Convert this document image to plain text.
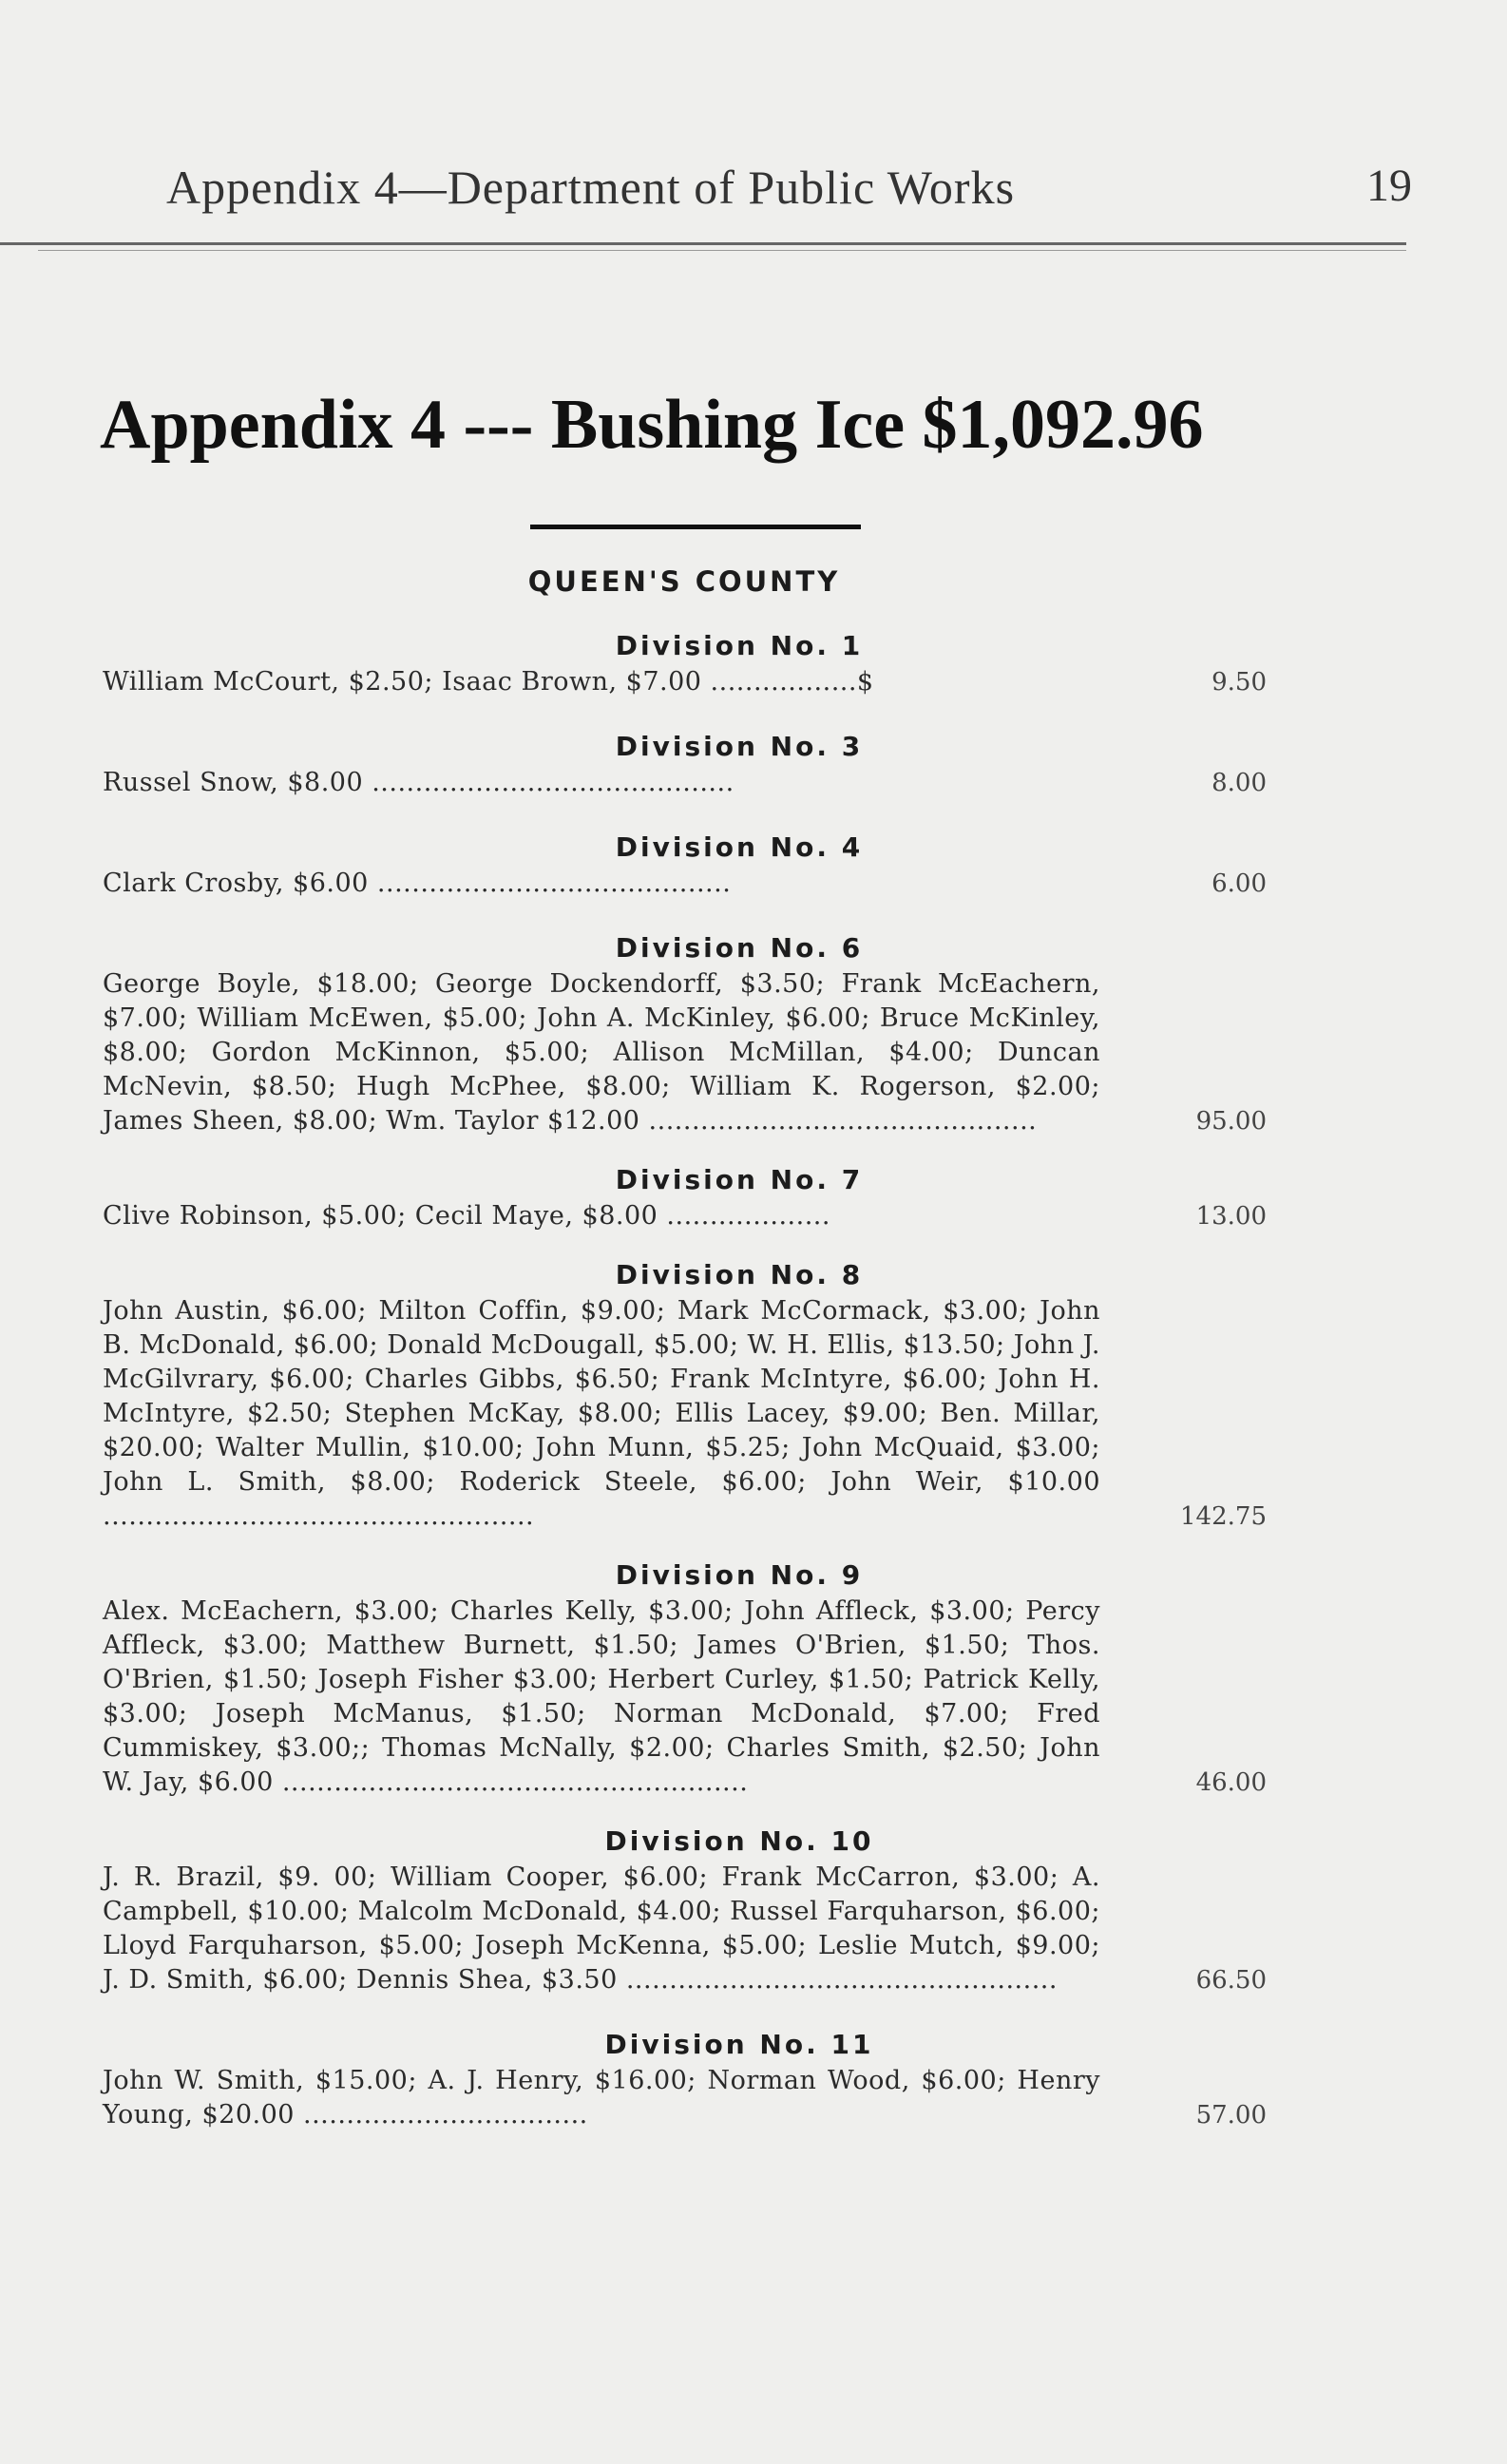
Appendix 4—Department of Public Works	19
Appendix 4 --- Bushing Ice $1,092.96
QUEEN'S COUNTY
Division No. 1
William McCourt, $2.50; Isaac Brown, $7.00 .................$	9.50
Division No. 3
Russel Snow, $8.00 ..........................................	8.00
Division No. 4
Clark Crosby, $6.00 .........................................	6.00
Division No. 6
George Boyle, $18.00; George Dockendorff, $3.50; Frank McEachern, $7.00; William McEwen, $5.00; John A. McKinley, $6.00; Bruce McKinley, $8.00; Gordon McKinnon, $5.00; Allison McMillan, $4.00; Duncan McNevin, $8.50; Hugh McPhee, $8.00; William K. Rogerson, $2.00; James Sheen, $8.00; Wm. Taylor $12.00 .............................................	95.00
Division No. 7
Clive Robinson, $5.00; Cecil Maye, $8.00 ...................	13.00
Division No. 8
John Austin, $6.00; Milton Coffin, $9.00; Mark McCormack, $3.00; John B. McDonald, $6.00; Donald McDougall, $5.00; W. H. Ellis, $13.50; John J. McGilvrary, $6.00; Charles Gibbs, $6.50; Frank McIntyre, $6.00; John H. McIntyre, $2.50; Stephen McKay, $8.00; Ellis Lacey, $9.00; Ben. Millar, $20.00; Walter Mullin, $10.00; John Munn, $5.25; John McQuaid, $3.00; John L. Smith, $8.00; Roderick Steele, $6.00; John Weir, $10.00 ..................................................	142.75
Division No. 9
Alex. McEachern, $3.00; Charles Kelly, $3.00; John Affleck, $3.00; Percy Affleck, $3.00; Matthew Burnett, $1.50; James O'Brien, $1.50; Thos. O'Brien, $1.50; Joseph Fisher $3.00; Herbert Curley, $1.50; Patrick Kelly, $3.00; Joseph McManus, $1.50; Norman McDonald, $7.00; Fred Cummiskey, $3.00;; Thomas McNally, $2.00; Charles Smith, $2.50; John W. Jay, $6.00 ......................................................	46.00
Division No. 10
J. R. Brazil, $9. 00; William Cooper, $6.00; Frank McCarron, $3.00; A. Campbell, $10.00; Malcolm McDonald, $4.00; Russel Farquharson, $6.00; Lloyd Farquharson, $5.00; Joseph McKenna, $5.00; Leslie Mutch, $9.00; J. D. Smith, $6.00; Dennis Shea, $3.50 ..................................................	66.50
Division No. 11
John W. Smith, $15.00; A. J. Henry, $16.00; Norman Wood, $6.00; Henry Young, $20.00 .................................	57.00
